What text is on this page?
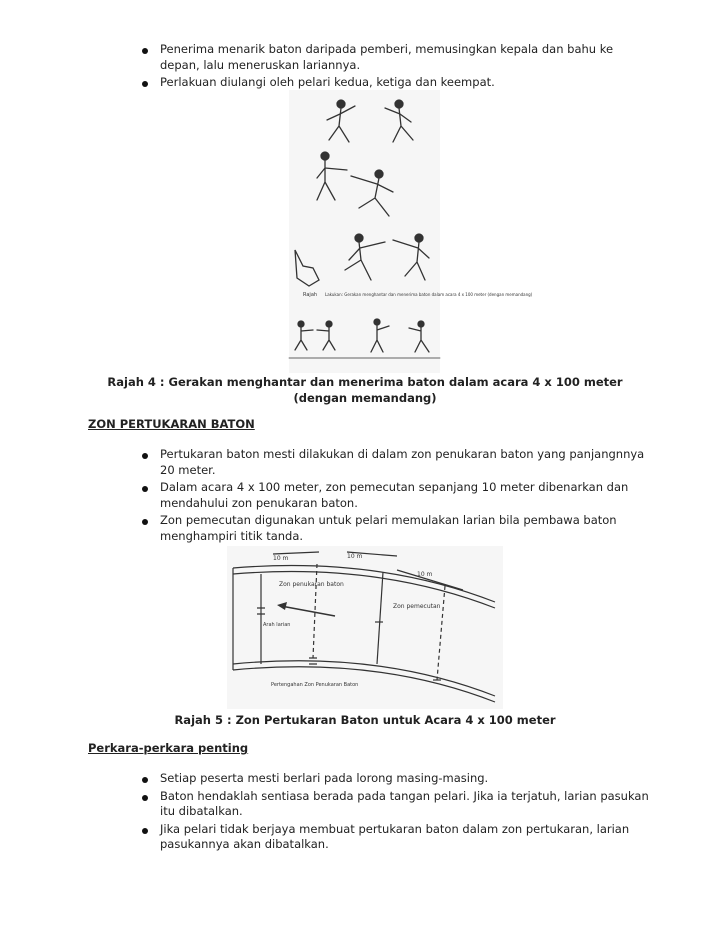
Penerima menarik baton daripada pemberi, memusingkan kepala dan bahu ke depan, lalu meneruskan lariannya.
Perlakuan diulangi oleh pelari kedua, ketiga dan keempat.
Rajah Lakukan: Gerakan menghantar dan menerima baton dalam acara 4 x 100 meter (dengan memandang)
Rajah 4 : Gerakan menghantar dan menerima baton dalam acara 4 x 100 meter
(dengan memandang)
ZON PERTUKARAN BATON
Pertukaran baton mesti dilakukan di dalam zon penukaran baton yang panjangnnya 20 meter.
Dalam acara 4 x 100 meter, zon pemecutan sepanjang 10 meter dibenarkan dan mendahului zon penukaran baton.
Zon pemecutan digunakan untuk pelari memulakan larian bila pembawa baton menghampiri titik tanda.
10 m	10 m
10 m
Zon penukaran baton
Zon pemecutan
Arah larian
Pertengahan Zon Penukaran Baton
Rajah 5 : Zon Pertukaran Baton untuk Acara 4 x 100 meter
Perkara-perkara penting
Setiap peserta mesti berlari pada lorong masing-masing.
Baton hendaklah sentiasa berada pada tangan pelari. Jika ia terjatuh, larian pasukan itu dibatalkan.
Jika pelari tidak berjaya membuat pertukaran baton dalam zon pertukaran, larian pasukannya akan dibatalkan.
